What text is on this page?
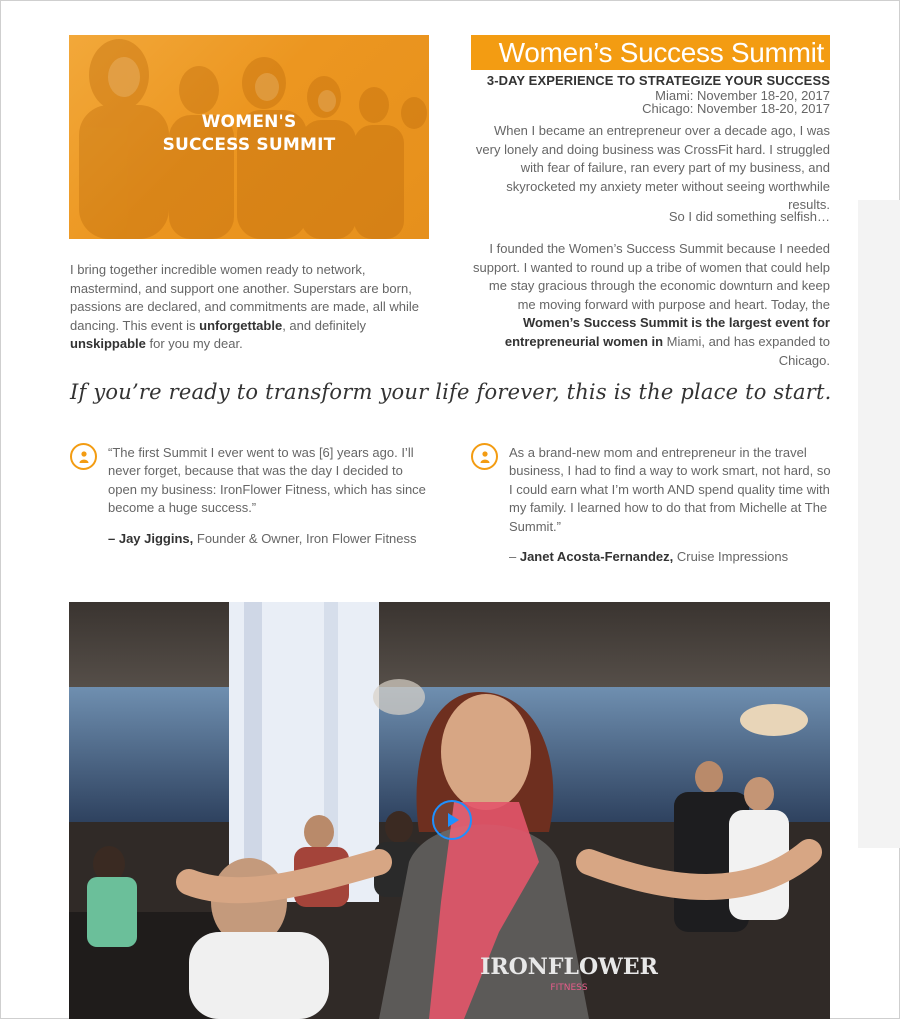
WOMEN'S
SUCCESS SUMMIT

I bring together incredible women ready to network, mastermind, and support one another. Superstars are born, passions are declared, and commitments are made, all while dancing. This event is unforgettable, and definitely unskippable for you my dear.

Women’s Success Summit
3-DAY EXPERIENCE TO STRATEGIZE YOUR SUCCESS
Miami: November 18-20, 2017
Chicago: November 18-20, 2017

When I became an entrepreneur over a decade ago, I was very lonely and doing business was CrossFit hard. I struggled with fear of failure, ran every part of my business, and skyrocketed my anxiety meter without seeing worthwhile results.

So I did something selfish…

I founded the Women’s Success Summit because I needed support. I wanted to round up a tribe of women that could help me stay gracious through the economic downturn and keep me moving forward with purpose and heart. Today, the Women’s Success Summit is the largest event for entrepreneurial women in Miami, and has expanded to Chicago.

If you’re ready to transform your life forever, this is the place to start.

“The first Summit I ever went to was [6] years ago. I’ll never forget, because that was the day I decided to open my business: IronFlower Fitness, which has since become a huge success.”

– Jay Jiggins, Founder & Owner, Iron Flower Fitness

As a brand-new mom and entrepreneur in the travel business, I had to find a way to work smart, not hard, so I could earn what I’m worth AND spend quality time with my family. I learned how to do that from Michelle at The Summit.”

– Janet Acosta-Fernandez, Cruise Impressions
IRONFLOWER
FITNESS
